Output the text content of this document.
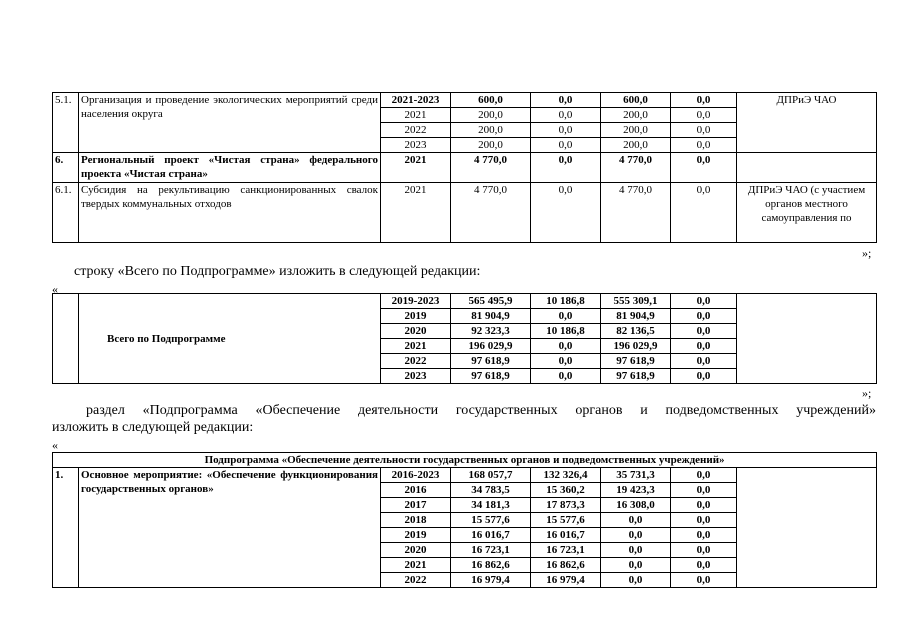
5.1.	Организация и проведение экологических мероприятий среди населения округа	2021-2023	600,0	0,0	600,0	0,0	ДПРиЭ ЧАО
		2021	200,0	0,0	200,0	0,0	
		2022	200,0	0,0	200,0	0,0	
		2023	200,0	0,0	200,0	0,0	
6.	Региональный проект «Чистая страна» федерального проекта «Чистая страна»	2021	4 770,0	0,0	4 770,0	0,0	
6.1.	Субсидия на рекультивацию санкционированных свалок твердых коммунальных отходов	2021	4 770,0	0,0	4 770,0	0,0	ДПРиЭ ЧАО (с участием органов местного самоуправления по
»;
строку «Всего по Подпрограмме» изложить в следующей редакции:
«
	Всего по Подпрограмме	2019-2023	565 495,9	10 186,8	555 309,1	0,0	
		2019	81 904,9	0,0	81 904,9	0,0	
		2020	92 323,3	10 186,8	82 136,5	0,0	
		2021	196 029,9	0,0	196 029,9	0,0	
		2022	97 618,9	0,0	97 618,9	0,0	
		2023	97 618,9	0,0	97 618,9	0,0	
»;
раздел «Подпрограмма «Обеспечение деятельности государственных органов и подведомственных учреждений»
изложить в следующей редакции:
«
Подпрограмма «Обеспечение деятельности государственных органов и подведомственных учреждений»							
1.	Основное мероприятие: «Обеспечение функционирования государственных органов»	2016-2023	168 057,7	132 326,4	35 731,3	0,0	
		2016	34 783,5	15 360,2	19 423,3	0,0	
		2017	34 181,3	17 873,3	16 308,0	0,0	
		2018	15 577,6	15 577,6	0,0	0,0	
		2019	16 016,7	16 016,7	0,0	0,0	
		2020	16 723,1	16 723,1	0,0	0,0	
		2021	16 862,6	16 862,6	0,0	0,0	
		2022	16 979,4	16 979,4	0,0	0,0	
